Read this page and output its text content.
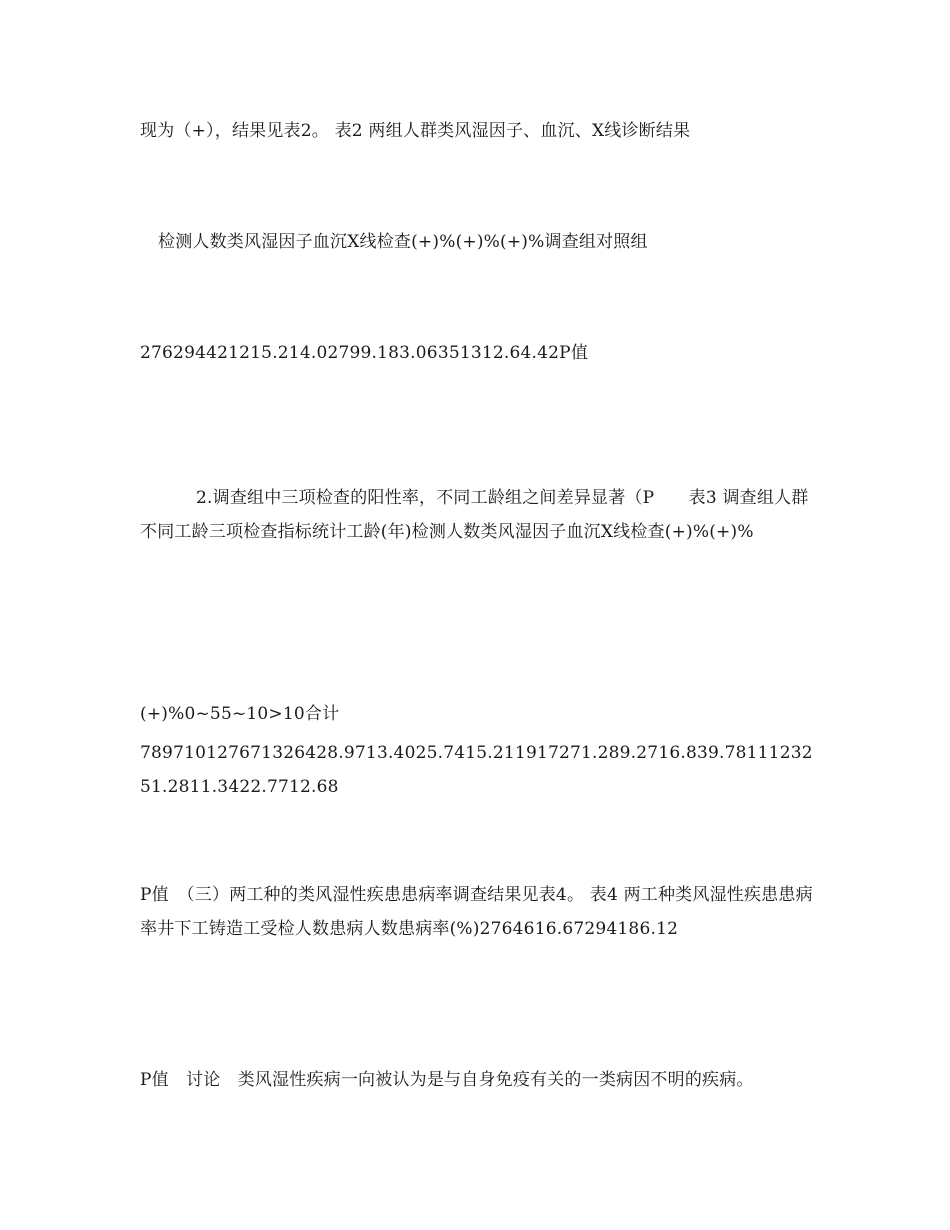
现为（+），结果见表2。 表2 两组人群类风湿因子、血沉、X线诊断结果

检测人数类风湿因子血沉X线检查(+)%(+)%(+)%调查组对照组

276294421215.214.02799.183.06351312.64.42P值

2.调查组中三项检查的阳性率，不同工龄组之间差异显著（P　　表3 调查组人群不同工龄三项检查指标统计工龄(年)检测人数类风湿因子血沉X线检查(+)%(+)%

(+)%0~55~10>10合计

789710127671326428.9713.4025.7415.211917271.289.2716.839.7811123251.2811.3422.7712.68

P值　（三）两工种的类风湿性疾患患病率调查结果见表4。 表4 两工种类风湿性疾患患病率井下工铸造工受检人数患病人数患病率(%)2764616.67294186.12

P值　讨论　类风湿性疾病一向被认为是与自身免疫有关的一类病因不明的疾病。
